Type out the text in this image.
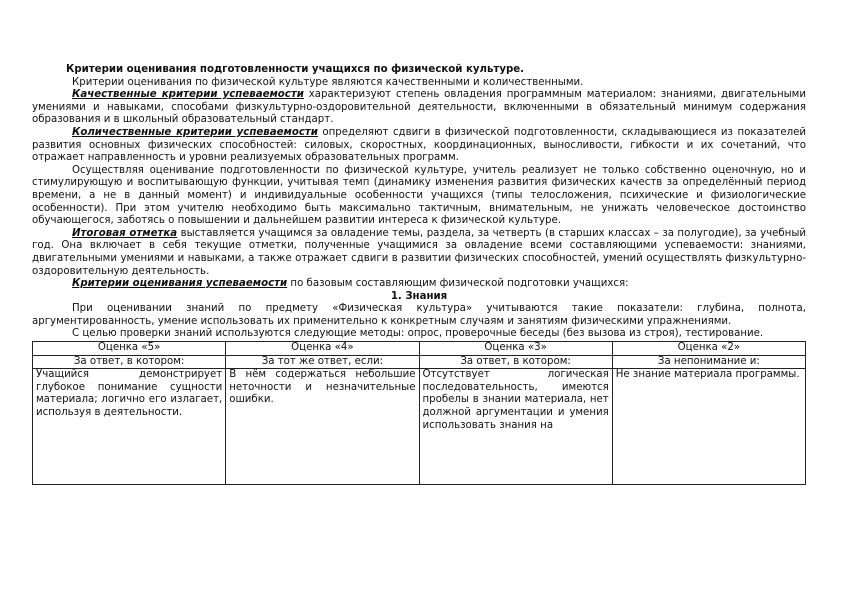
Критерии оценивания подготовленности учащихся по физической культуре.

Критерии оценивания по физической культуре являются качественными и количественными.

Качественные критерии успеваемости характеризуют степень овладения программным материалом: знаниями, двигательными умениями и навыками, способами физкультурно-оздоровительной деятельности, включенными в обязательный минимум содержания образования и в школьный образовательный стандарт.

Количественные критерии успеваемости определяют сдвиги в физической подготовленности, складывающиеся из показателей развития основных физических способностей: силовых, скоростных, координационных, выносливости, гибкости и их сочетаний, что отражает направленность и уровни реализуемых образовательных программ.

Осуществляя оценивание подготовленности по физической культуре, учитель реализует не только собственно оценочную, но и стимулирующую и воспитывающую функции, учитывая темп (динамику изменения развития физических качеств за определённый период времени, а не в данный момент) и индивидуальные особенности учащихся (типы телосложения, психические и физиологические особенности). При этом учителю необходимо быть максимально тактичным, внимательным, не унижать человеческое достоинство обучающегося, заботясь о повышении и дальнейшем развитии интереса к физической культуре.

Итоговая отметка выставляется учащимся за овладение темы, раздела, за четверть (в старших классах – за полугодие), за учебный год. Она включает в себя текущие отметки, полученные учащимися за овладение всеми составляющими успеваемости: знаниями, двигательными умениями и навыками, а также отражает сдвиги в развитии физических способностей, умений осуществлять физкультурно-оздоровительную деятельность.

Критерии оценивания успеваемости по базовым составляющим физической подготовки учащихся:

1. Знания

При оценивании знаний по предмету «Физическая культура» учитываются такие показатели: глубина, полнота, аргументированность, умение использовать их применительно к конкретным случаям и занятиям физическими упражнениями.

С целью проверки знаний используются следующие методы: опрос, проверочные беседы (без вызова из строя), тестирование.

Оценка «5»	Оценка «4»	Оценка «3»	Оценка «2»
За ответ, в котором:	За тот же ответ, если:	За ответ, в котором:	За непонимание и:
Учащийся демонстрирует глубокое понимание сущности материала; логично его излагает, используя в деятельности.	В нём содержаться небольшие неточности и незначительные ошибки.	Отсутствует логическая последовательность, имеются пробелы в знании материала, нет должной аргументации и умения использовать знания на	Не знание материала программы.
